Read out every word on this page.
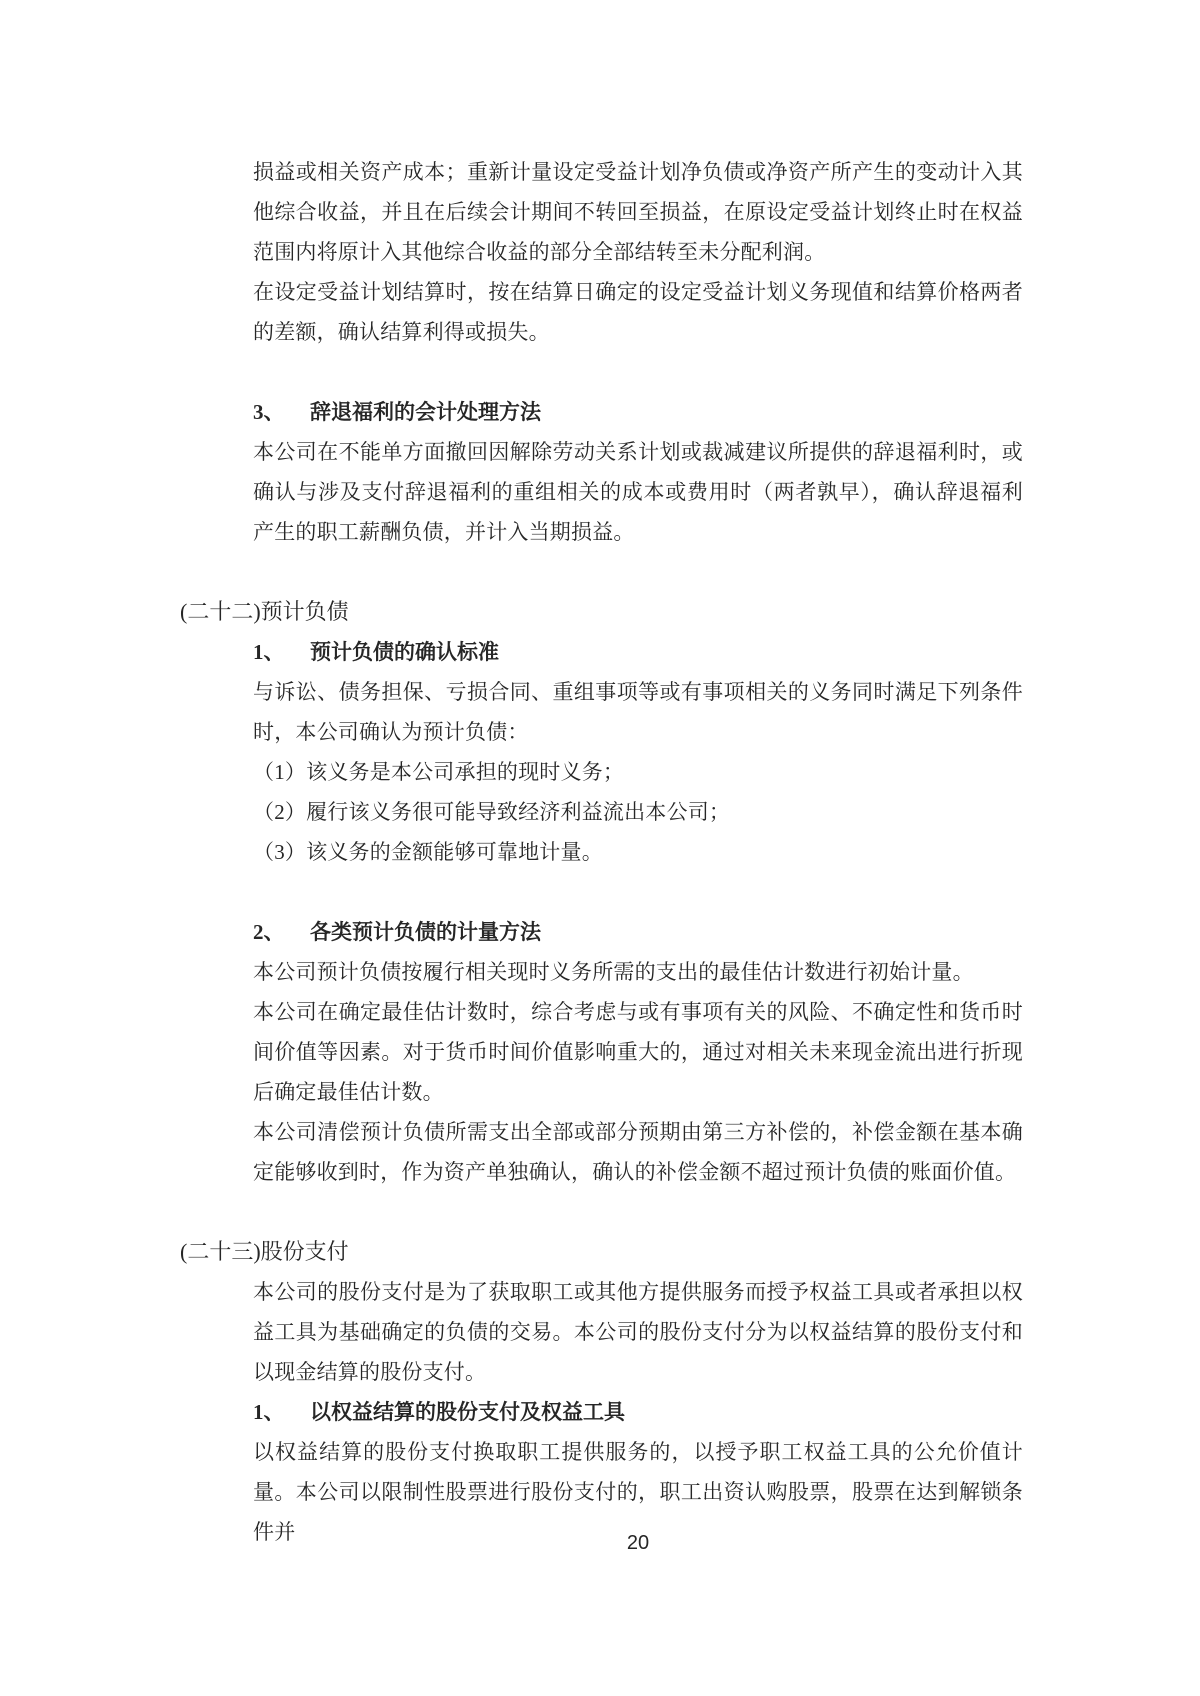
损益或相关资产成本；重新计量设定受益计划净负债或净资产所产生的变动计入其他综合收益，并且在后续会计期间不转回至损益，在原设定受益计划终止时在权益范围内将原计入其他综合收益的部分全部结转至未分配利润。

在设定受益计划结算时，按在结算日确定的设定受益计划义务现值和结算价格两者的差额，确认结算利得或损失。

3、 辞退福利的会计处理方法

本公司在不能单方面撤回因解除劳动关系计划或裁减建议所提供的辞退福利时，或确认与涉及支付辞退福利的重组相关的成本或费用时（两者孰早），确认辞退福利产生的职工薪酬负债，并计入当期损益。

(二十二)预计负债

1、 预计负债的确认标准

与诉讼、债务担保、亏损合同、重组事项等或有事项相关的义务同时满足下列条件时，本公司确认为预计负债：

（1）该义务是本公司承担的现时义务；

（2）履行该义务很可能导致经济利益流出本公司；

（3）该义务的金额能够可靠地计量。

2、 各类预计负债的计量方法

本公司预计负债按履行相关现时义务所需的支出的最佳估计数进行初始计量。

本公司在确定最佳估计数时，综合考虑与或有事项有关的风险、不确定性和货币时间价值等因素。对于货币时间价值影响重大的，通过对相关未来现金流出进行折现后确定最佳估计数。

本公司清偿预计负债所需支出全部或部分预期由第三方补偿的，补偿金额在基本确定能够收到时，作为资产单独确认，确认的补偿金额不超过预计负债的账面价值。

(二十三)股份支付

本公司的股份支付是为了获取职工或其他方提供服务而授予权益工具或者承担以权益工具为基础确定的负债的交易。本公司的股份支付分为以权益结算的股份支付和以现金结算的股份支付。

1、 以权益结算的股份支付及权益工具

以权益结算的股份支付换取职工提供服务的，以授予职工权益工具的公允价值计量。本公司以限制性股票进行股份支付的，职工出资认购股票，股票在达到解锁条件并	20
